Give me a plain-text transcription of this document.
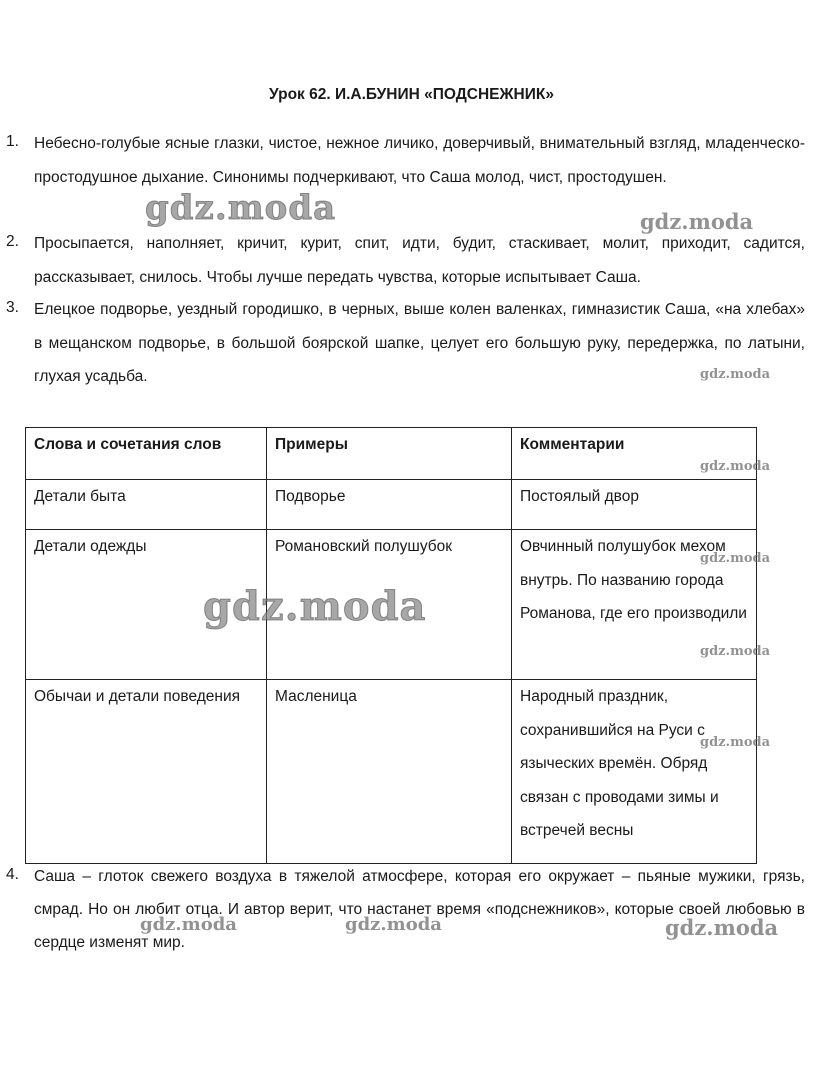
Урок 62. И.А.БУНИН «ПОДСНЕЖНИК»
1. Небесно-голубые ясные глазки, чистое, нежное личико, доверчивый, внимательный взгляд, младенческо-простодушное дыхание. Синонимы подчеркивают, что Саша молод, чист, простодушен.
2. Просыпается, наполняет, кричит, курит, спит, идти, будит, стаскивает, молит, приходит, садится, рассказывает, снилось. Чтобы лучше передать чувства, которые испытывает Саша.
3. Елецкое подворье, уездный городишко, в черных, выше колен валенках, гимназистик Саша, «на хлебах» в мещанском подворье, в большой боярской шапке, целует его большую руку, передержка, по латыни, глухая усадьба.
Слова и сочетания слов	Примеры	Комментарии
Детали быта	Подворье	Постоялый двор
Детали одежды	Романовский полушубок	Овчинный полушубок мехом внутрь. По названию города Романова, где его производили
Обычаи и детали поведения	Масленица	Народный праздник, сохранившийся на Руси с языческих времён. Обряд связан с проводами зимы и встречей весны
4. Саша – глоток свежего воздуха в тяжелой атмосфере, которая его окружает – пьяные мужики, грязь, смрад. Но он любит отца. И автор верит, что настанет время «подснежников», которые своей любовью в сердце изменят мир.
gdz.moda	gdz.moda
gdz.moda
gdz.moda
gdz.moda
gdz.moda
gdz.moda
gdz.moda
gdz.moda	gdz.moda	gdz.moda
